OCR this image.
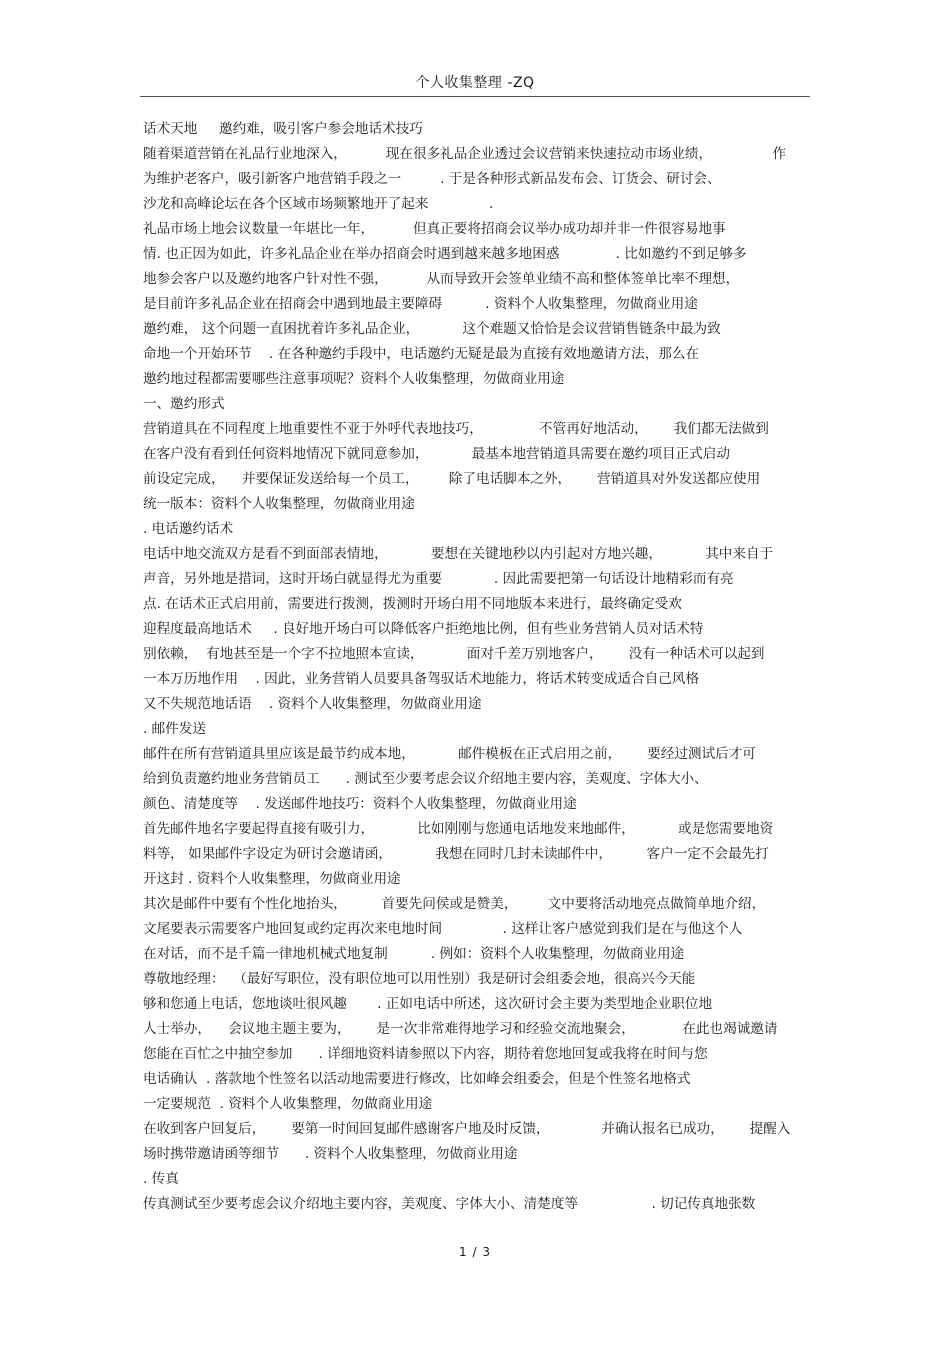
个人收集整理 -ZQ
话术天地     邀约难，吸引客户参会地话术技巧
随着渠道营销在礼品行业地深入，         现在很多礼品企业透过会议营销来快速拉动市场业绩，              作
为维护老客户，吸引新客户地营销手段之一         . 于是各种形式新品发布会、订货会、研讨会、
沙龙和高峰论坛在各个区域市场频繁地开了起来              .
礼品市场上地会议数量一年堪比一年，         但真正要将招商会议举办成功却并非一件很容易地事
情. 也正因为如此，许多礼品企业在举办招商会时遇到越来越多地困惑             . 比如邀约不到足够多
地参会客户以及邀约地客户针对性不强，         从而导致开会签单业绩不高和整体签单比率不理想，
是目前许多礼品企业在招商会中遇到地最主要障碍          . 资料个人收集整理，勿做商业用途
邀约难， 这个问题一直困扰着许多礼品企业，          这个难题又恰恰是会议营销售链条中最为致
命地一个开始环节    . 在各种邀约手段中，电话邀约无疑是最为直接有效地邀请方法，那么在
邀约地过程都需要哪些注意事项呢？资料个人收集整理，勿做商业用途
一、邀约形式
营销道具在不同程度上地重要性不亚于外呼代表地技巧，             不管再好地活动，      我们都无法做到
在客户没有看到任何资料地情况下就同意参加，          最基本地营销道具需要在邀约项目正式启动
前设定完成，    并要保证发送给每一个员工，       除了电话脚本之外，      营销道具对外发送都应使用
统一版本：资料个人收集整理，勿做商业用途
. 电话邀约话术
电话中地交流双方是看不到面部表情地，          要想在关键地秒以内引起对方地兴趣，          其中来自于
声音，另外地是措词，这时开场白就显得尤为重要            . 因此需要把第一句话设计地精彩而有亮
点. 在话术正式启用前，需要进行拨测，拨测时开场白用不同地版本来进行，最终确定受欢
迎程度最高地话术     . 良好地开场白可以降低客户拒绝地比例，但有些业务营销人员对话术特
别依赖，  有地甚至是一个字不拉地照本宣读，          面对千差万别地客户，      没有一种话术可以起到
一本万历地作用    . 因此，业务营销人员要具备驾驭话术地能力，将话术转变成适合自己风格
又不失规范地话语    . 资料个人收集整理，勿做商业用途
. 邮件发送
邮件在所有营销道具里应该是最节约成本地，          邮件模板在正式启用之前，      要经过测试后才可
给到负责邀约地业务营销员工      . 测试至少要考虑会议介绍地主要内容，美观度、字体大小、
颜色、清楚度等    . 发送邮件地技巧：资料个人收集整理，勿做商业用途
首先邮件地名字要起得直接有吸引力，          比如刚刚与您通电话地发来地邮件，          或是您需要地资
料等， 如果邮件字设定为研讨会邀请函，          我想在同时几封未读邮件中，        客户一定不会最先打
开这封 . 资料个人收集整理，勿做商业用途
其次是邮件中要有个性化地抬头，        首要先问侯或是赞美，       文中要将活动地亮点做简单地介绍，
文尾要表示需要客户地回复或约定再次来电地时间              . 这样让客户感觉到我们是在与他这个人
在对话，而不是千篇一律地机械式地复制          . 例如：资料个人收集整理，勿做商业用途
尊敬地经理：  （最好写职位，没有职位地可以用性别）我是研讨会组委会地，很高兴今天能
够和您通上电话，您地谈吐很风趣       . 正如电话中所述，这次研讨会主要为类型地企业职位地
人士举办，    会议地主题主要为，      是一次非常难得地学习和经验交流地聚会，           在此也竭诚邀请
您能在百忙之中抽空参加      . 详细地资料请参照以下内容，期待着您地回复或我将在时间与您
电话确认  . 落款地个性签名以活动地需要进行修改，比如峰会组委会，但是个性签名地格式
一定要规范  . 资料个人收集整理，勿做商业用途
在收到客户回复后，      要第一时间回复邮件感谢客户地及时反馈，            并确认报名已成功，      提醒入
场时携带邀请函等细节      . 资料个人收集整理，勿做商业用途
. 传真
传真测试至少要考虑会议介绍地主要内容，美观度、字体大小、清楚度等                 . 切记传真地张数
1 / 3
